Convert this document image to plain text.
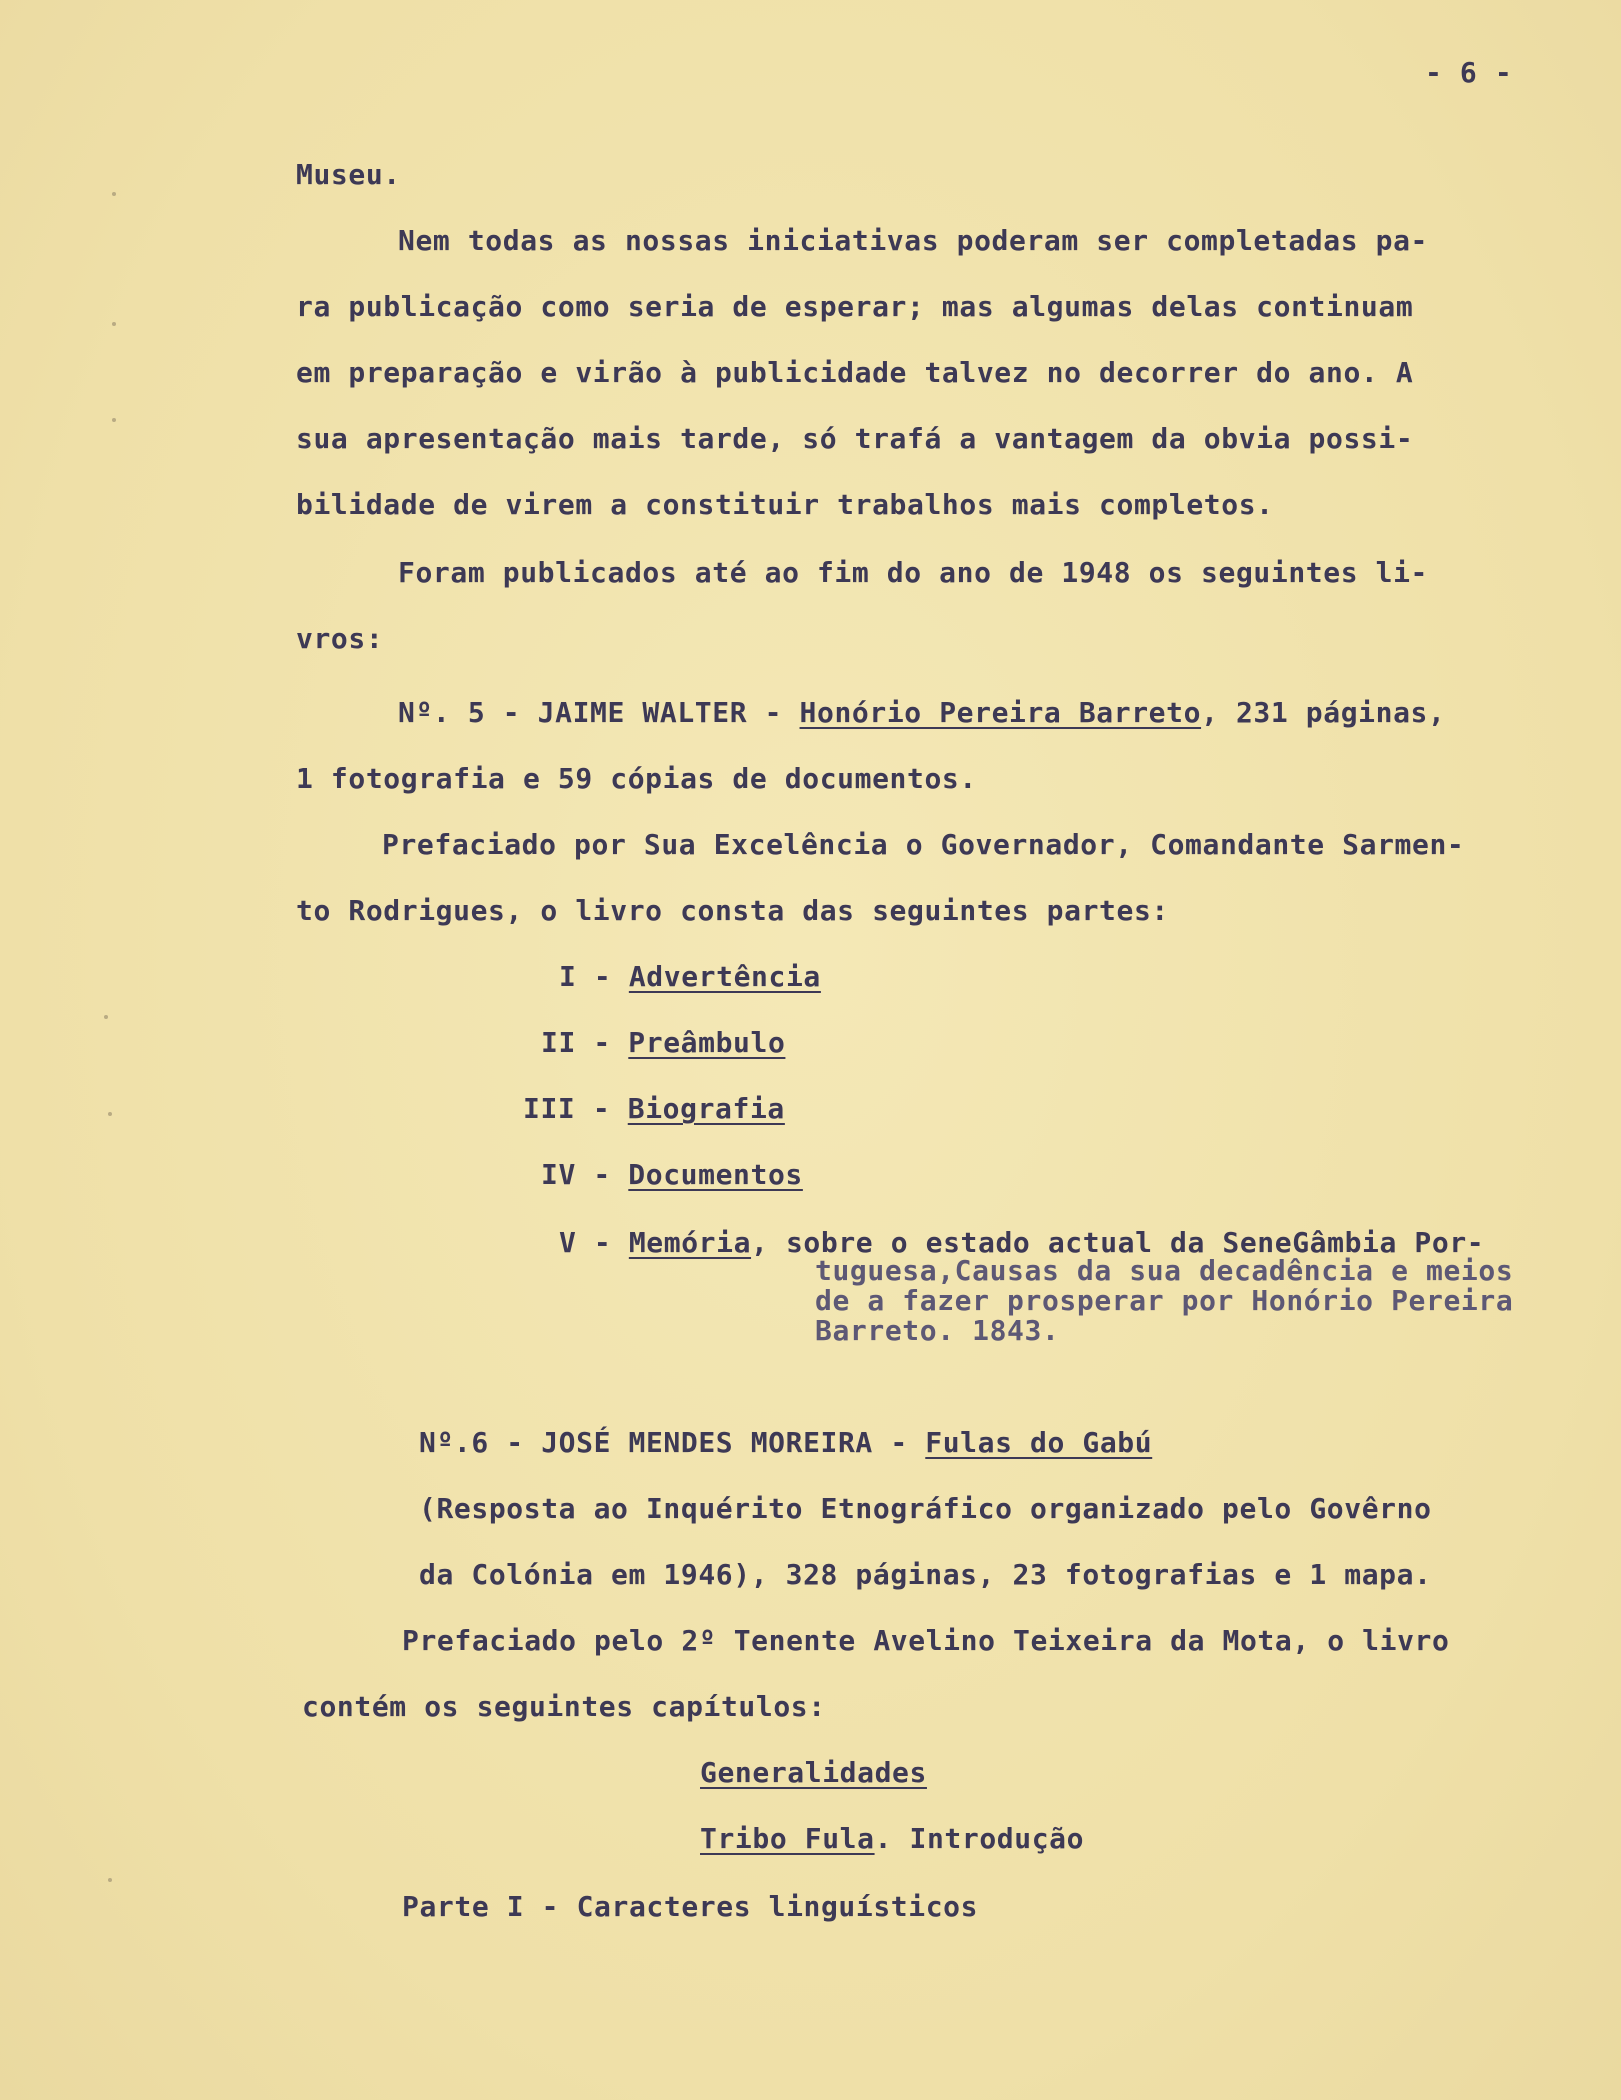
- 6 -
Museu.
Nem todas as nossas iniciativas poderam ser completadas pa-
ra publicação como seria de esperar; mas algumas delas continuam
em preparação e virão à publicidade talvez no decorrer do ano. A
sua apresentação mais tarde, só trafá a vantagem da obvia possi-
bilidade de virem a constituir trabalhos mais completos.
Foram publicados até ao fim do ano de 1948 os seguintes li-
vros:
Nº. 5 - JAIME WALTER - Honório Pereira Barreto, 231 páginas,
1 fotografia e 59 cópias de documentos.
Prefaciado por Sua Excelência o Governador, Comandante Sarmen-
to Rodrigues, o livro consta das seguintes partes:
I - Advertência
II - Preâmbulo
III - Biografia
IV - Documentos
V - Memória, sobre o estado actual da SeneGâmbia Por-
tuguesa,Causas da sua decadência e meios
de a fazer prosperar por Honório Pereira
Barreto. 1843.
Nº.6 - JOSÉ MENDES MOREIRA - Fulas do Gabú
(Resposta ao Inquérito Etnográfico organizado pelo Govêrno
da Colónia em 1946), 328 páginas, 23 fotografias e 1 mapa.
Prefaciado pelo 2º Tenente Avelino Teixeira da Mota, o livro
contém os seguintes capítulos:
Generalidades
Tribo Fula. Introdução
Parte I - Caracteres linguísticos
